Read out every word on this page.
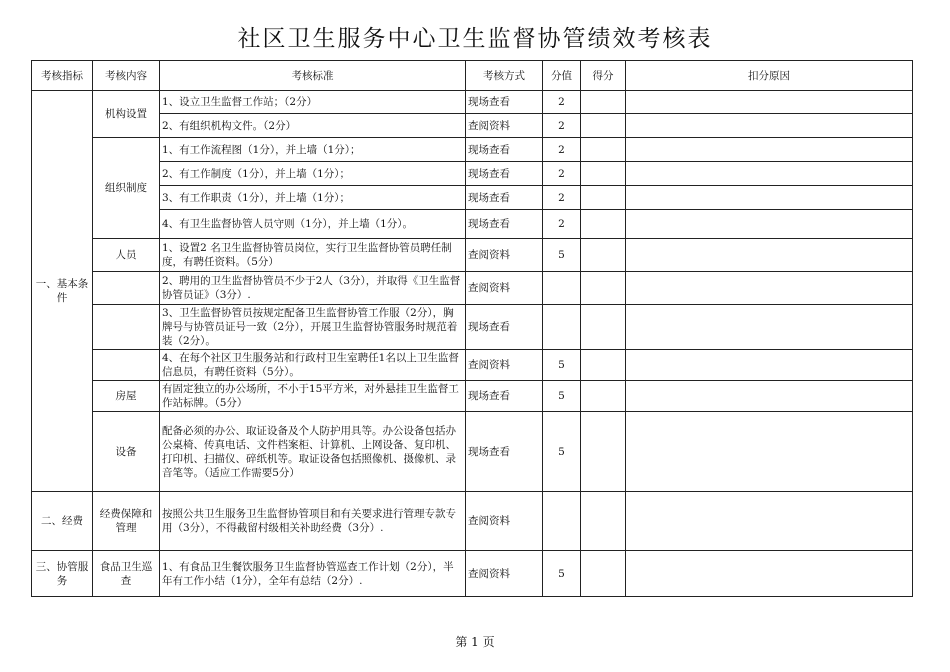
社区卫生服务中心卫生监督协管绩效考核表
考核指标	考核内容	考核标准	考核方式	分值	得分	扣分原因
一、基本条件	机构设置	1、设立卫生监督工作站；（2分）	现场查看	2		
		2、有组织机构文件。（2分）	查阅资料	2		
	组织制度	1、有工作流程图（1分），并上墙（1分）；	现场查看	2		
		2、有工作制度（1分），并上墙（1分）；	现场查看	2		
		3、有工作职责（1分），并上墙（1分）；	现场查看	2		
		4、有卫生监督协管人员守则（1分），并上墙（1分）。	现场查看	2		
	人员	1、设置2 名卫生监督协管员岗位，实行卫生监督协管员聘任制度，有聘任资料。（5分）	查阅资料	5		
		2、聘用的卫生监督协管员不少于2人（3分），并取得《卫生监督协管员证》（3分）.	查阅资料			
		3、卫生监督协管员按规定配备卫生监督协管工作服（2分），胸牌号与协管员证号一致（2分），开展卫生监督协管服务时规范着装（2分）。	现场查看			
		4、在每个社区卫生服务站和行政村卫生室聘任1名以上卫生监督信息员，有聘任资料（5分）。	查阅资料	5		
	房屋	有固定独立的办公场所，不小于15平方米，对外悬挂卫生监督工作站标牌。（5分）	现场查看	5		
	设备	配备必须的办公、取证设备及个人防护用具等。办公设备包括办公桌椅、传真电话、文件档案柜、计算机、上网设备、复印机、打印机、扫描仪、碎纸机等。取证设备包括照像机、摄像机、录音笔等。（适应工作需要5分）	现场查看	5		
二、经费	经费保障和管理	按照公共卫生服务卫生监督协管项目和有关要求进行管理专款专用（3分），不得截留村级相关补助经费（3分）.	查阅资料			
三、协管服务	食品卫生巡查	1、有食品卫生餐饮服务卫生监督协管巡查工作计划（2分），半年有工作小结（1分），全年有总结（2分）.	查阅资料	5		
第 1 页
